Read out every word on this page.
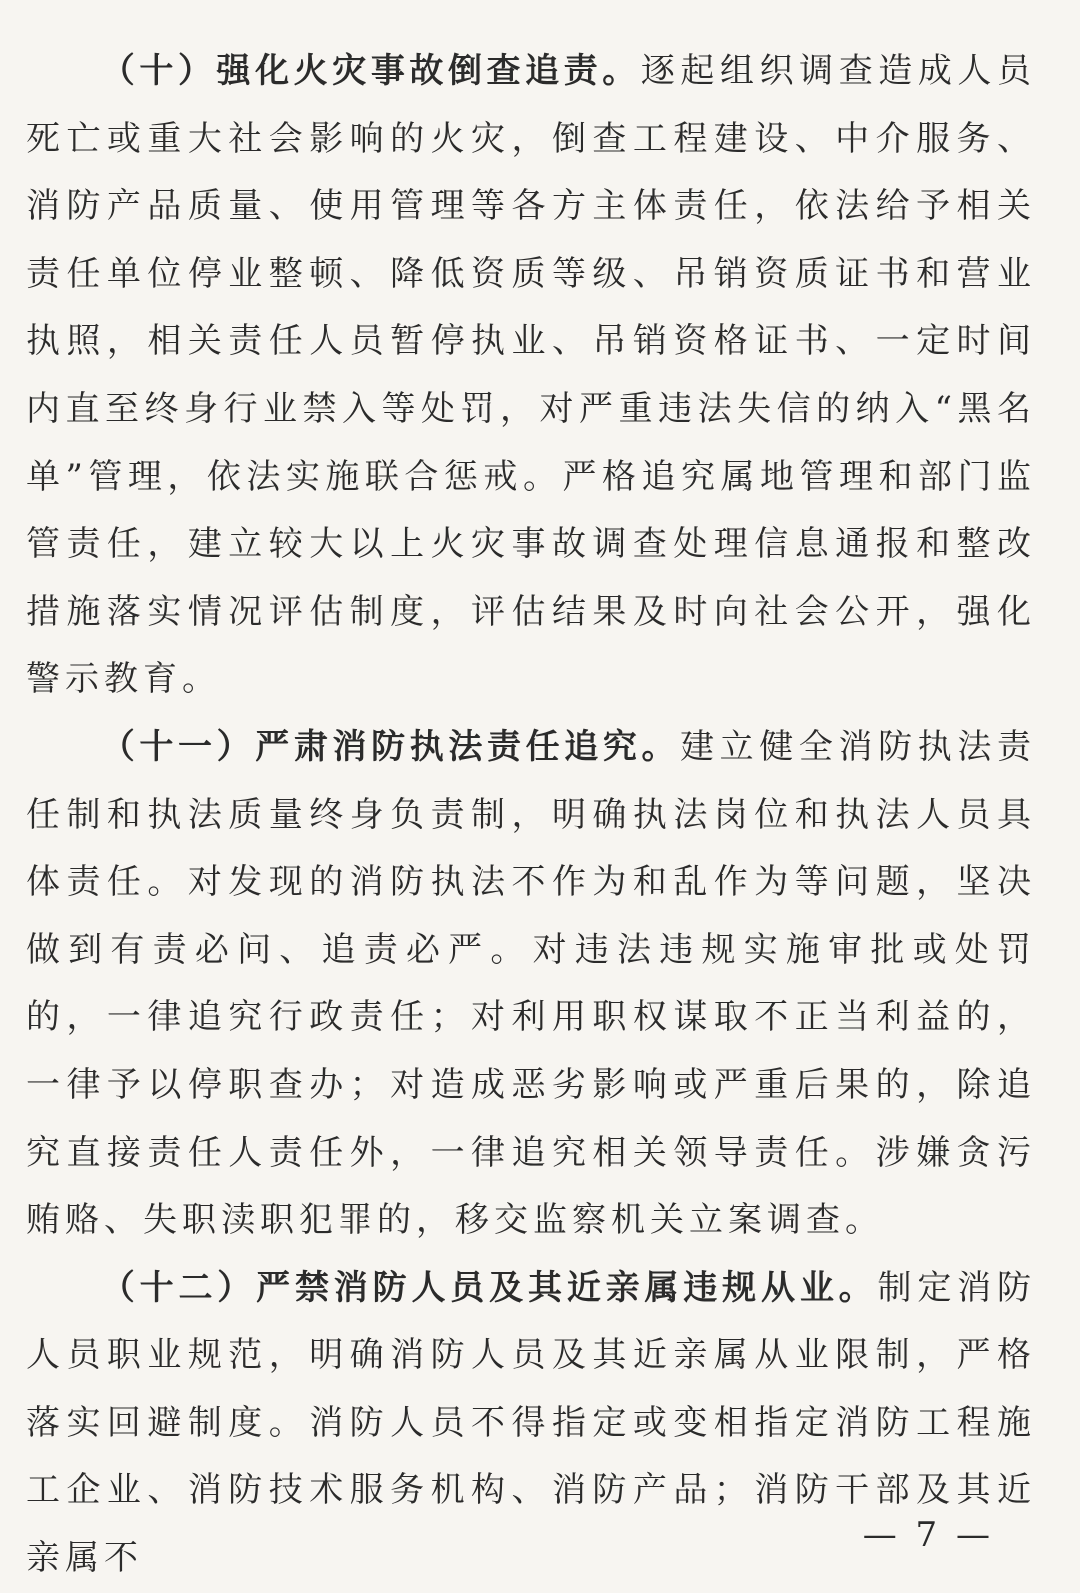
（十）强化火灾事故倒查追责。逐起组织调查造成人员死亡或重大社会影响的火灾，倒查工程建设、中介服务、消防产品质量、使用管理等各方主体责任，依法给予相关责任单位停业整顿、降低资质等级、吊销资质证书和营业执照，相关责任人员暂停执业、吊销资格证书、一定时间内直至终身行业禁入等处罚，对严重违法失信的纳入“黑名单”管理，依法实施联合惩戒。严格追究属地管理和部门监管责任，建立较大以上火灾事故调查处理信息通报和整改措施落实情况评估制度，评估结果及时向社会公开，强化警示教育。

（十一）严肃消防执法责任追究。建立健全消防执法责任制和执法质量终身负责制，明确执法岗位和执法人员具体责任。对发现的消防执法不作为和乱作为等问题，坚决做到有责必问、追责必严。对违法违规实施审批或处罚的，一律追究行政责任；对利用职权谋取不正当利益的，一律予以停职查办；对造成恶劣影响或严重后果的，除追究直接责任人责任外，一律追究相关领导责任。涉嫌贪污贿赂、失职渎职犯罪的，移交监察机关立案调查。

（十二）严禁消防人员及其近亲属违规从业。制定消防人员职业规范，明确消防人员及其近亲属从业限制，严格落实回避制度。消防人员不得指定或变相指定消防工程施工企业、消防技术服务机构、消防产品；消防干部及其近亲属不

— 7 —
